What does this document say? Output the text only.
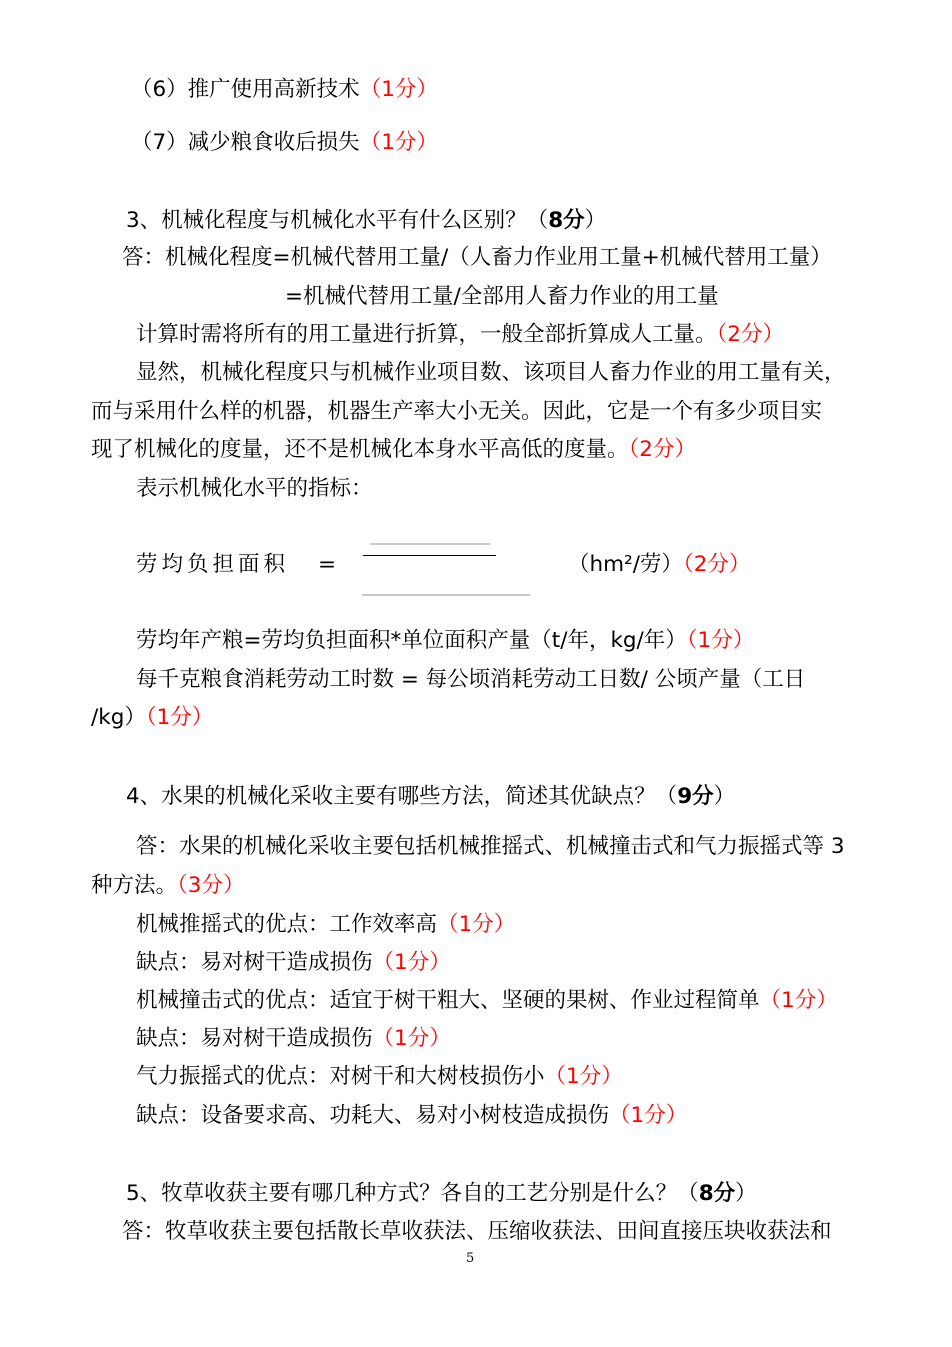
（6）推广使用高新技术（1分）
（7）减少粮食收后损失（1分）
3、机械化程度与机械化水平有什么区别？（8分）
答：机械化程度=机械代替用工量/（人畜力作业用工量+机械代替用工量）
=机械代替用工量/全部用人畜力作业的用工量
计算时需将所有的用工量进行折算，一般全部折算成人工量。（2分）
显然，机械化程度只与机械作业项目数、该项目人畜力作业的用工量有关，
而与采用什么样的机器，机器生产率大小无关。因此，它是一个有多少项目实
现了机械化的度量，还不是机械化本身水平高低的度量。（2分）
表示机械化水平的指标：
劳均负担面积 =	（hm²/劳）（2分）
劳均年产粮=劳均负担面积*单位面积产量（t/年，kg/年）（1分）
每千克粮食消耗劳动工时数 = 每公顷消耗劳动工日数/ 公顷产量（工日
/kg）（1分）
4、水果的机械化采收主要有哪些方法，简述其优缺点？（9分）
答：水果的机械化采收主要包括机械推摇式、机械撞击式和气力振摇式等 3
种方法。（3分）
机械推摇式的优点：工作效率高（1分）
缺点：易对树干造成损伤（1分）
机械撞击式的优点：适宜于树干粗大、坚硬的果树、作业过程简单（1分）
缺点：易对树干造成损伤（1分）
气力振摇式的优点：对树干和大树枝损伤小（1分）
缺点：设备要求高、功耗大、易对小树枝造成损伤（1分）
5、牧草收获主要有哪几种方式？各自的工艺分别是什么？（8分）
答：牧草收获主要包括散长草收获法、压缩收获法、田间直接压块收获法和
5
